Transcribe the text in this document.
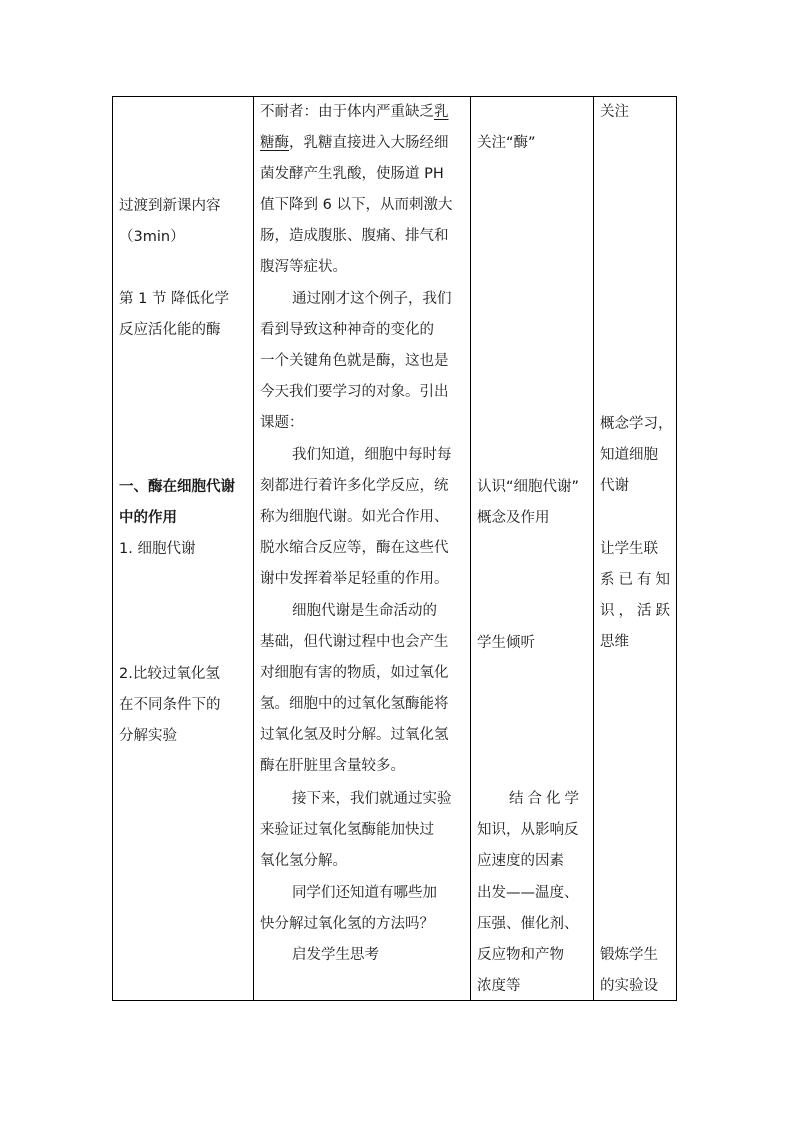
过渡到新课内容
（3min）
第 1 节 降低化学
反应活化能的酶
一、酶在细胞代谢
中的作用
1. 细胞代谢
2.比较过氧化氢
在不同条件下的
分解实验
不耐者：由于体内严重缺乏乳
糖酶，乳糖直接进入大肠经细
菌发酵产生乳酸，使肠道 PH
值下降到 6 以下，从而刺激大
肠，造成腹胀、腹痛、排气和
腹泻等症状。
通过刚才这个例子，我们
看到导致这种神奇的变化的
一个关键角色就是酶，这也是
今天我们要学习的对象。引出
课题：
我们知道，细胞中每时每
刻都进行着许多化学反应，统
称为细胞代谢。如光合作用、
脱水缩合反应等，酶在这些代
谢中发挥着举足轻重的作用。
细胞代谢是生命活动的
基础，但代谢过程中也会产生
对细胞有害的物质，如过氧化
氢。细胞中的过氧化氢酶能将
过氧化氢及时分解。过氧化氢
酶在肝脏里含量较多。
接下来，我们就通过实验
来验证过氧化氢酶能加快过
氧化氢分解。
同学们还知道有哪些加
快分解过氧化氢的方法吗？
启发学生思考
关注“酶”
认识“细胞代谢”
概念及作用
学生倾听
结合化学
知识，从影响反
应速度的因素
出发——温度、
压强、催化剂、
反应物和产物
浓度等
关注
概念学习，
知道细胞
代谢
让学生联
系已有知
识，活跃
思维
锻炼学生
的实验设
